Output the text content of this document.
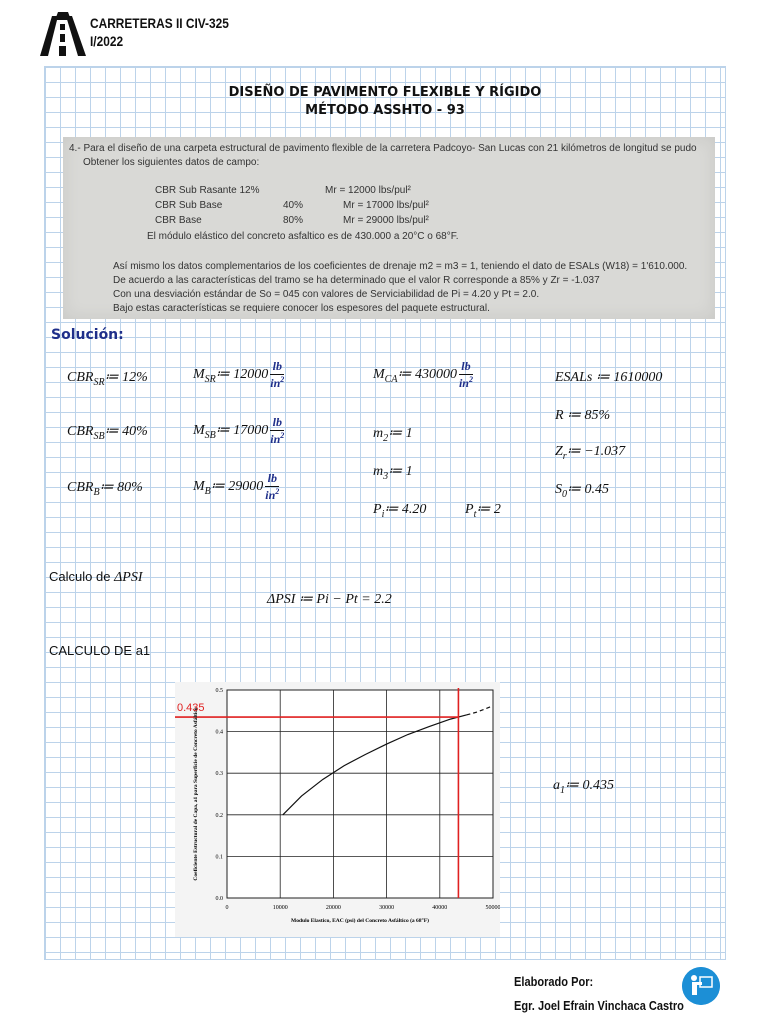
CARRETERAS II CIV-325
I/2022
DISEÑO DE PAVIMENTO FLEXIBLE Y RÍGIDO
MÉTODO ASSHTO - 93
4.- Para el diseño de una carpeta estructural de pavimento flexible de la carretera Padcoyo- San Lucas con 21 kilómetros de longitud se pudo
Obtener los siguientes datos de campo:
CBR Sub Rasante 12%	Mr = 12000 lbs/pul²
CBR Sub Base	40%	Mr = 17000 lbs/pul²
CBR Base	80%	Mr = 29000 lbs/pul²
El módulo elástico del concreto asfaltico es de 430.000 a 20°C o 68°F.
Así mismo los datos complementarios de los coeficientes de drenaje m2 = m3 = 1, teniendo el dato de ESALs (W18) = 1'610.000.
De acuerdo a las características del tramo se ha determinado que el valor R corresponde a 85% y Zr = -1.037
Con una desviación estándar de So = 045 con valores de Serviciabilidad de Pi = 4.20 y Pt = 2.0.
Bajo estas características se requiere conocer los espesores del paquete estructural.
Solución:
$CBR_{SR}≔$ 12%
$CBR_{SB}≔$ 40%
$CBR_B≔$ 80%
$M_{SR}≔$ $12000 \frac{lb}{in^2}$
$M_{SB}≔$ $17000 \frac{lb}{in^2}$
$M_B≔$ $29000 \frac{lb}{in^2}$
$M_{CA}≔$ $430000 \frac{lb}{in^2}$
$m_2≔$ 1
$m_3≔$ 1
$P_i≔$ 4.20	$P_t≔$ 2
ESALs ≔ 1610000
R ≔ 85%
$Z_r≔ -1.037$
$S_0≔$ 0.45
Calculo de ΔPSI
ΔPSI ≔ Pi − Pt = 2.2
CALCULO DE a1
0	10000	20000	30000	40000	50000
0.0
0.1
0.2
0.3
0.4
0.5
0.435
Modulo Elastico, EAC (psi) del Concreto Asfáltico (a 68°F)
Coeficiente Estructural de Capa, a1 para Superficie de Concreto Asfáltico	$a_1≔$ 0.435
Elaborado Por:
Egr. Joel Efrain Vinchaca Castro
